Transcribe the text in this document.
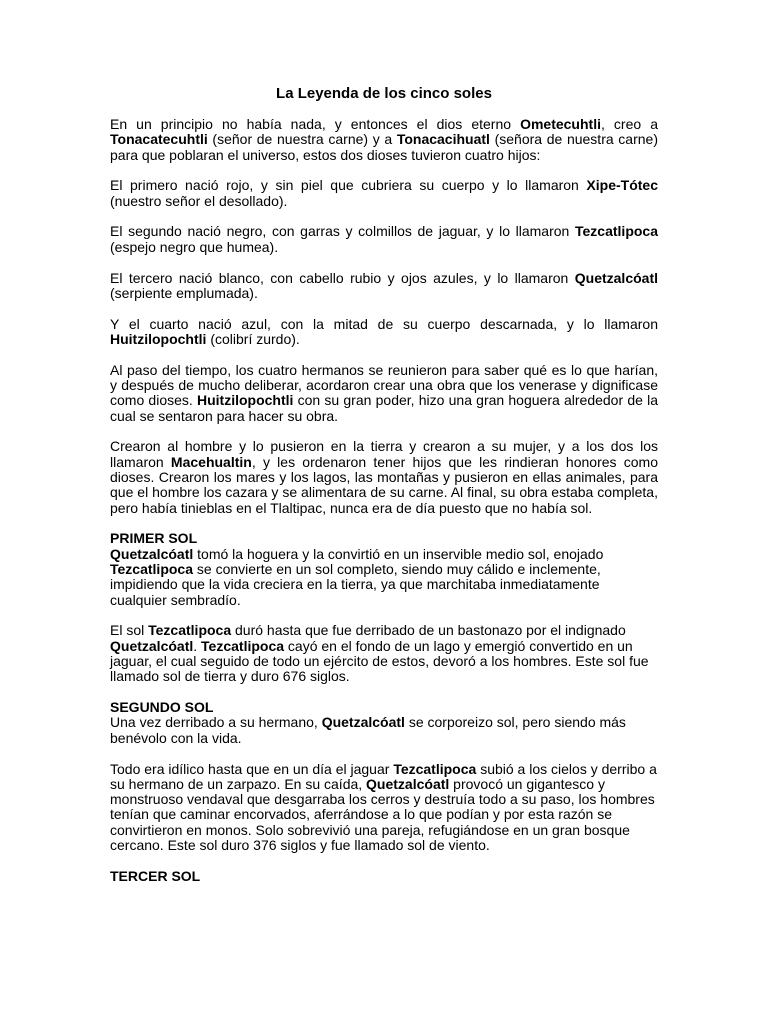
La Leyenda de los cinco soles

En un principio no había nada, y entonces el dios eterno Ometecuhtli, creo a Tonacatecuhtli (señor de nuestra carne) y a Tonacacihuatl (señora de nuestra carne) para que poblaran el universo, estos dos dioses tuvieron cuatro hijos:

El primero nació rojo, y sin piel que cubriera su cuerpo y lo llamaron Xipe-Tótec (nuestro señor el desollado).

El segundo nació negro, con garras y colmillos de jaguar, y lo llamaron Tezcatlipoca (espejo negro que humea).

El tercero nació blanco, con cabello rubio y ojos azules, y lo llamaron Quetzalcóatl (serpiente emplumada).

Y el cuarto nació azul, con la mitad de su cuerpo descarnada, y lo llamaron Huitzilopochtli (colibrí zurdo).

Al paso del tiempo, los cuatro hermanos se reunieron para saber qué es lo que harían, y después de mucho deliberar, acordaron crear una obra que los venerase y dignificase como dioses. Huitzilopochtli con su gran poder, hizo una gran hoguera alrededor de la cual se sentaron para hacer su obra.

Crearon al hombre y lo pusieron en la tierra y crearon a su mujer, y a los dos los llamaron Macehualtin, y les ordenaron tener hijos que les rindieran honores como dioses. Crearon los mares y los lagos, las montañas y pusieron en ellas animales, para que el hombre los cazara y se alimentara de su carne. Al final, su obra estaba completa, pero había tinieblas en el Tlaltipac, nunca era de día puesto que no había sol.

PRIMER SOL
Quetzalcóatl tomó la hoguera y la convirtió en un inservible medio sol, enojado Tezcatlipoca se convierte en un sol completo, siendo muy cálido e inclemente, impidiendo que la vida creciera en la tierra, ya que marchitaba inmediatamente cualquier sembradío.

El sol Tezcatlipoca duró hasta que fue derribado de un bastonazo por el indignado Quetzalcóatl. Tezcatlipoca cayó en el fondo de un lago y emergió convertido en un jaguar, el cual seguido de todo un ejército de estos, devoró a los hombres. Este sol fue llamado sol de tierra y duro 676 siglos.

SEGUNDO SOL
Una vez derribado a su hermano, Quetzalcóatl se corporeizo sol, pero siendo más benévolo con la vida.

Todo era idílico hasta que en un día el jaguar Tezcatlipoca subió a los cielos y derribo a su hermano de un zarpazo. En su caída, Quetzalcóatl provocó un gigantesco y monstruoso vendaval que desgarraba los cerros y destruía todo a su paso, los hombres tenían que caminar encorvados, aferrándose a lo que podían y por esta razón se convirtieron en monos. Solo sobrevivió una pareja, refugiándose en un gran bosque cercano. Este sol duro 376 siglos y fue llamado sol de viento.

TERCER SOL
